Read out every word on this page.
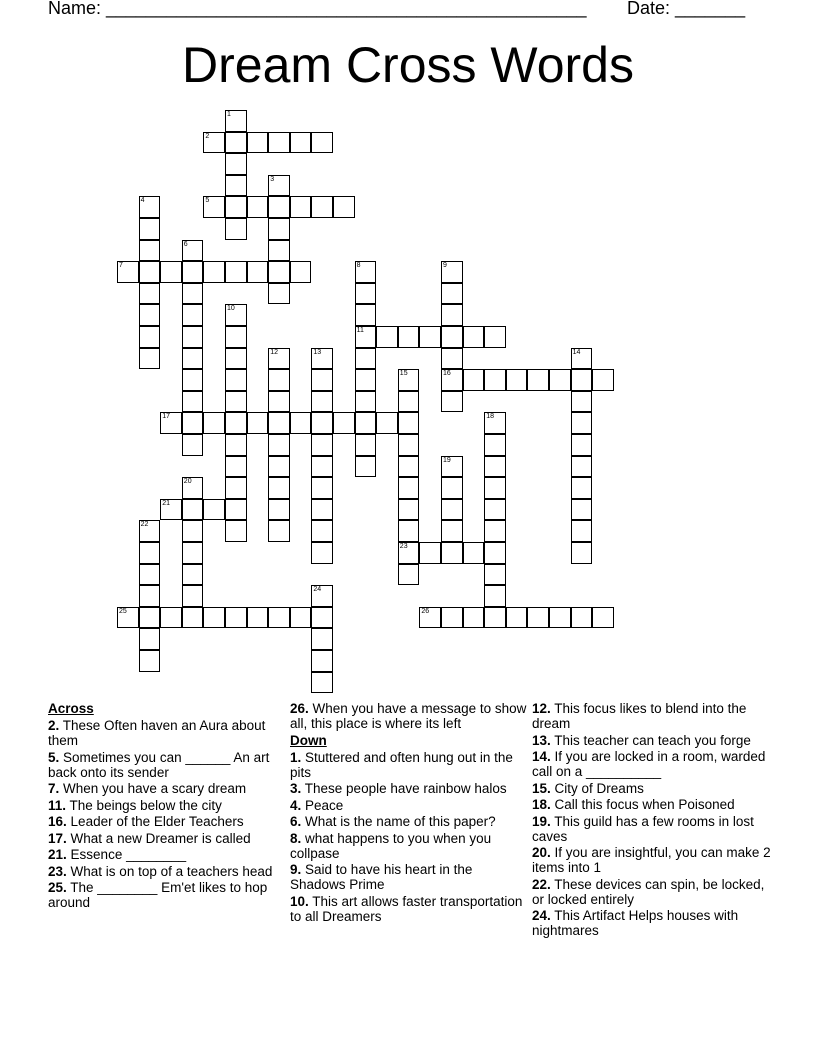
Name: ________________________________________________ Date: _______
Dream Cross Words
1
2
3
4	5
6
7	8
11
9
16
10
12	13	14
15
23
17	18
19
20
21
22
24
25	26
Across
2. These Often haven an Aura about them
5. Sometimes you can ______ An art back onto its sender
7. When you have a scary dream
11. The beings below the city
16. Leader of the Elder Teachers
17. What a new Dreamer is called
21. Essence ________
23. What is on top of a teachers head
25. The ________ Em'et likes to hop around
26. When you have a message to show all, this place is where its left
Down
1. Stuttered and often hung out in the pits
3. These people have rainbow halos
4. Peace
6. What is the name of this paper?
8. what happens to you when you collpase
9. Said to have his heart in the Shadows Prime
10. This art allows faster transportation to all Dreamers
12. This focus likes to blend into the dream
13. This teacher can teach you forge
14. If you are locked in a room, warded call on a __________
15. City of Dreams
18. Call this focus when Poisoned
19. This guild has a few rooms in lost caves
20. If you are insightful, you can make 2 items into 1
22. These devices can spin, be locked, or locked entirely
24. This Artifact Helps houses with nightmares
